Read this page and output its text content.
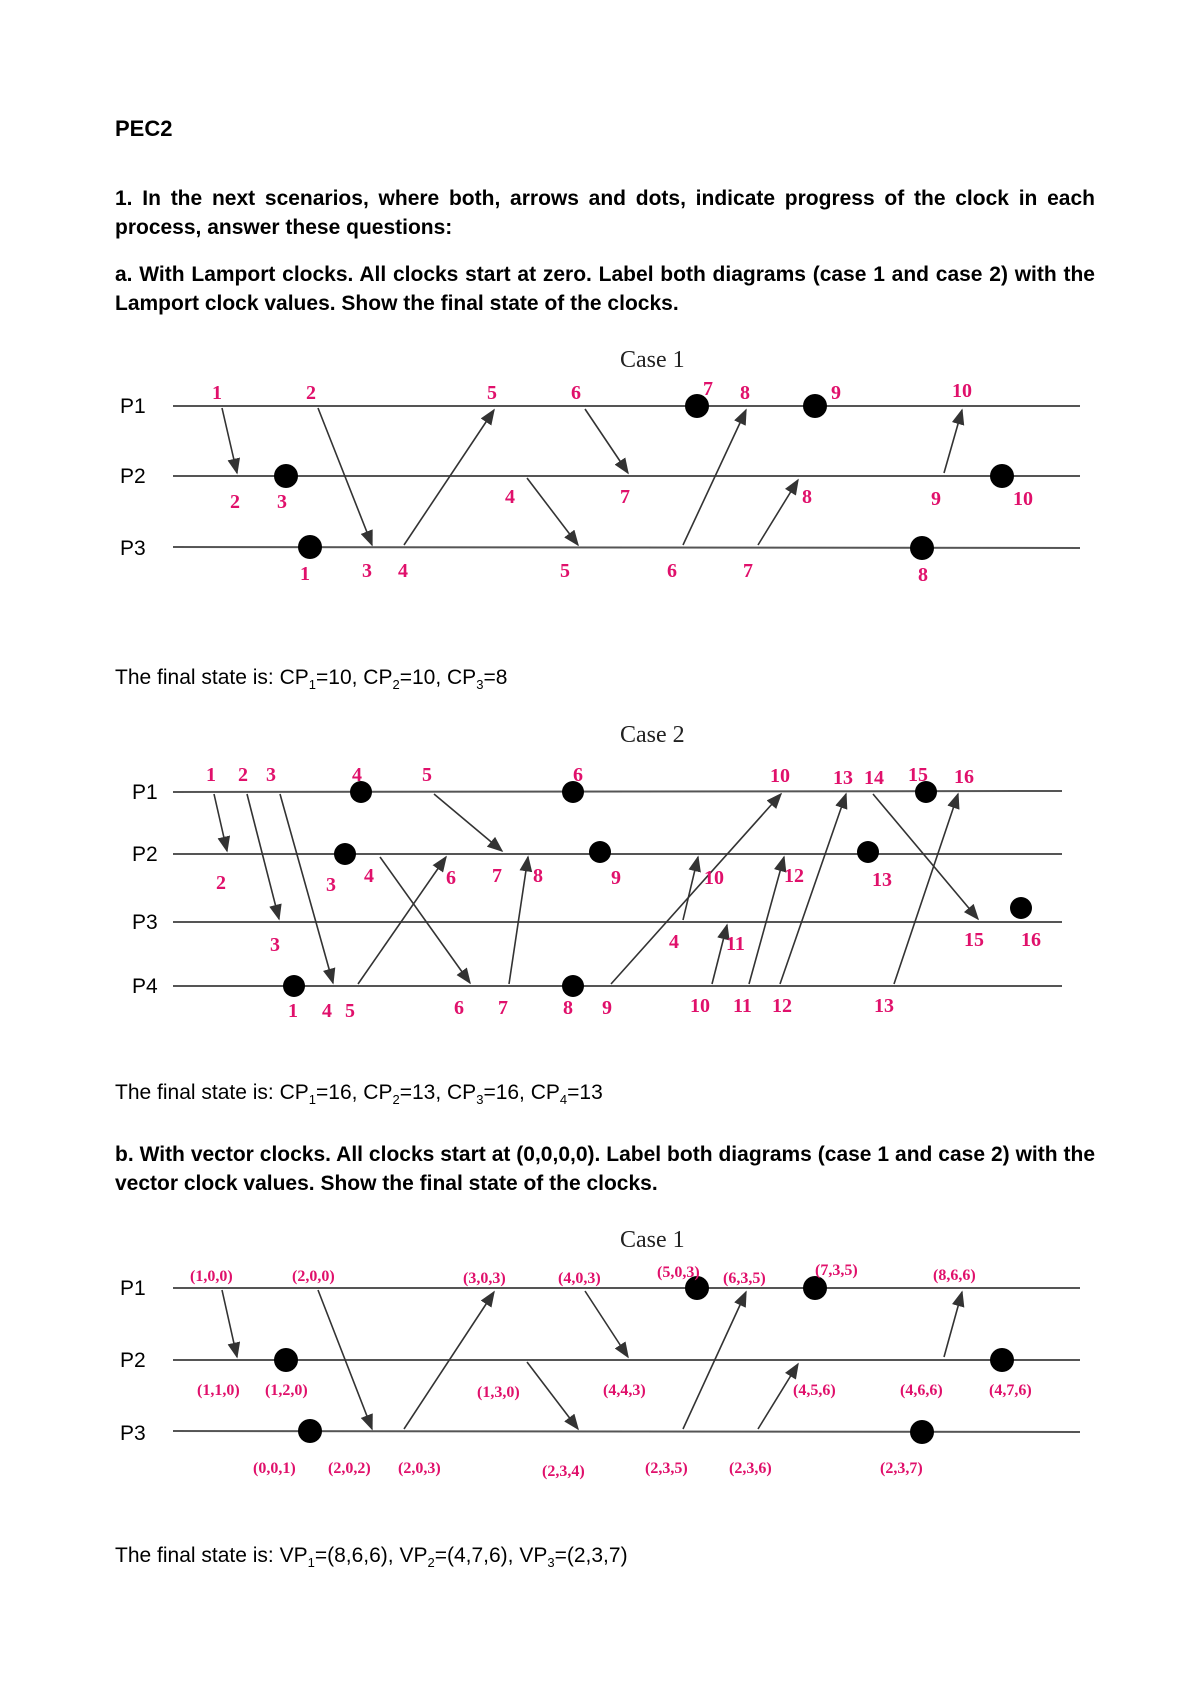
PEC2
1. In the next scenarios, where both, arrows and dots, indicate progress of the clock in each process, answer these questions:
a. With Lamport clocks. All clocks start at zero. Label both diagrams (case 1 and case 2) with the Lamport clock values. Show the final state of the clocks.
Case 1
P1
P2
P3
1	2	5	6	7 8	9	10
2 3	4	7	8	9	10
1	3 4	5	6	7	8
The final state is: $CP_1=10$, $CP_2=10$, $CP_3=8$
Case 2
P1
P2
P3
P4
1 2 3	4	5	6	10 13 14 15 16
2	3 4	6 7 8	9	10	12	13
3	4 11	15 16
1 4 5	6 7	8 9	10 11 12	13
The final state is: $CP_1=16$, $CP_2=13$, $CP_3=16$, $CP_4=13$
b. With vector clocks. All clocks start at (0,0,0,0). Label both diagrams (case 1 and case 2) with the vector clock values. Show the final state of the clocks.
Case 1
P1
P2
P3
(1,0,0)	(2,0,0)	(3,0,3)	(4,0,3)	(5,0,3) (6,3,5)	(7,3,5)	(8,6,6)
(1,1,0) (1,2,0)	(1,3,0)	(4,4,3)	(4,5,6)	(4,6,6)	(4,7,6)
(0,0,1) (2,0,2) (2,0,3)	(2,3,4)	(2,3,5)	(2,3,6)	(2,3,7)
The final state is: $VP_1=(8,6,6)$, $VP_2=(4,7,6)$, $VP_3=(2,3,7)$
